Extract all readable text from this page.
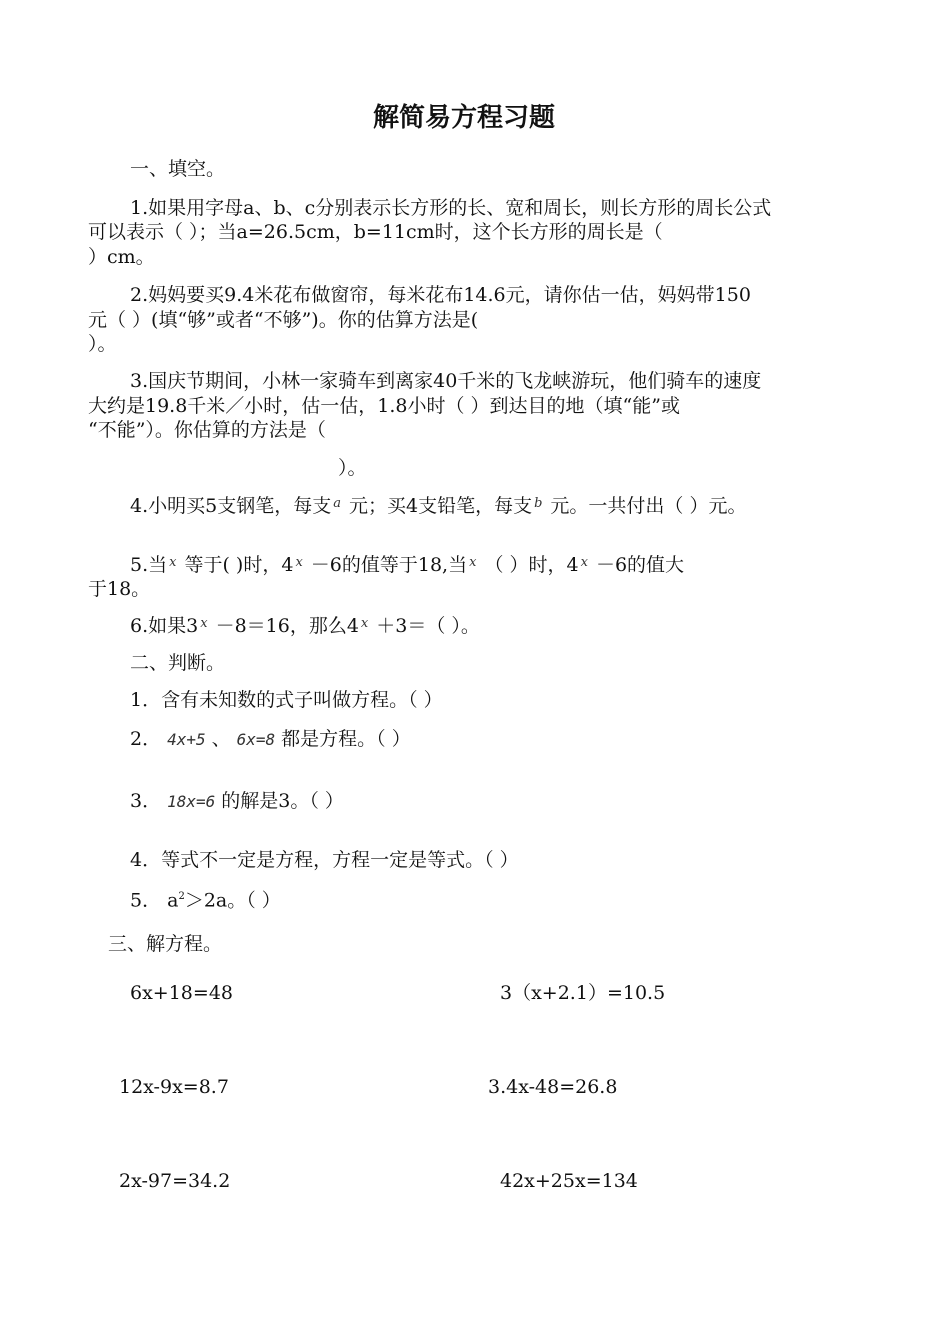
解简易方程习题
一、填空。
1.如果用字母a、b、c分别表示长方形的长、宽和周长，则长方形的周长公式
可以表示（ ）；当a=26.5cm，b=11cm时，这个长方形的周长是（
）cm。
2.妈妈要买9.4米花布做窗帘，每米花布14.6元，请你估一估，妈妈带150
元（ ）(填“够”或者“不够”)。你的估算方法是(
）。
3.国庆节期间，小林一家骑车到离家40千米的飞龙峡游玩，他们骑车的速度
大约是19.8千米／小时，估一估，1.8小时（ ）到达目的地（填“能”或
“不能”）。你估算的方法是（
）。
4.小明买5支钢笔，每支 $^a$ 元；买4支铅笔，每支 $^b$ 元。一共付出（ ）元。
5.当 $^x$ 等于( )时，4 $^x$ －6的值等于18,当 $^x$ （ ）时，4 $^x$ －6的值大
于18。
6.如果3 $^x$ －8＝16，那么4 $^x$ ＋3＝（ ）。
二、判断。
1．含有未知数的式子叫做方程。（ ）
2． 4x+5 、 6x=8 都是方程。（ ）
3． 18x=6 的解是3。（ ）
4．等式不一定是方程，方程一定是等式。（ ）
5． $a^2>2a$。（ ）
三、解方程。
6x+18=48	3（x+2.1）=10.5
12x-9x=8.7	3.4x-48=26.8
2x-97=34.2	42x+25x=134
